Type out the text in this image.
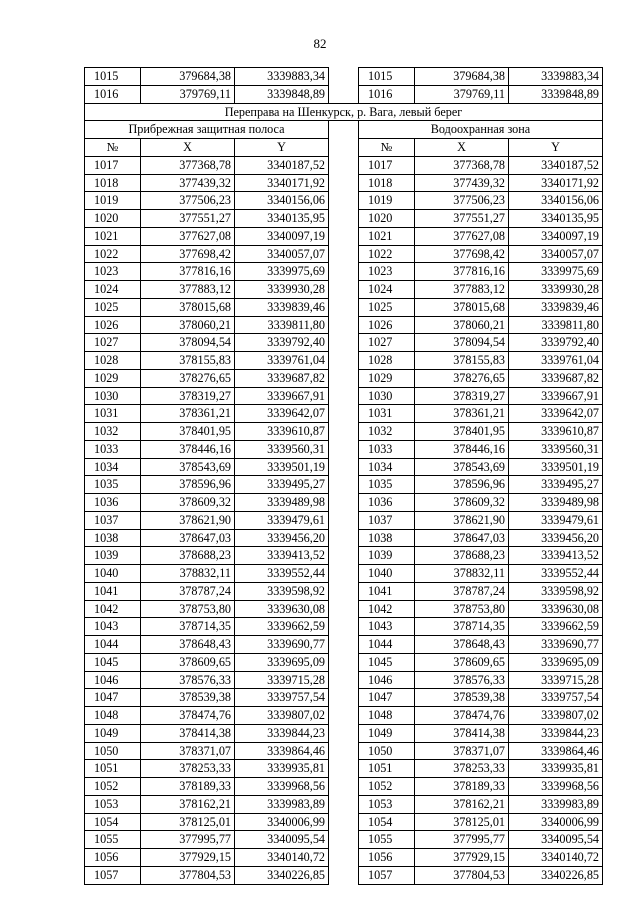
82
1015	379684,38	3339883,34		1015	379684,38	3339883,34
1016	379769,11	3339848,89		1016	379769,11	3339848,89
Переправа на Шенкурск, р. Вага, левый берег						
Прибрежная защитная полоса				Водоохранная зона		
№	X	Y		№	X	Y
1017	377368,78	3340187,52		1017	377368,78	3340187,52
1018	377439,32	3340171,92		1018	377439,32	3340171,92
1019	377506,23	3340156,06		1019	377506,23	3340156,06
1020	377551,27	3340135,95		1020	377551,27	3340135,95
1021	377627,08	3340097,19		1021	377627,08	3340097,19
1022	377698,42	3340057,07		1022	377698,42	3340057,07
1023	377816,16	3339975,69		1023	377816,16	3339975,69
1024	377883,12	3339930,28		1024	377883,12	3339930,28
1025	378015,68	3339839,46		1025	378015,68	3339839,46
1026	378060,21	3339811,80		1026	378060,21	3339811,80
1027	378094,54	3339792,40		1027	378094,54	3339792,40
1028	378155,83	3339761,04		1028	378155,83	3339761,04
1029	378276,65	3339687,82		1029	378276,65	3339687,82
1030	378319,27	3339667,91		1030	378319,27	3339667,91
1031	378361,21	3339642,07		1031	378361,21	3339642,07
1032	378401,95	3339610,87		1032	378401,95	3339610,87
1033	378446,16	3339560,31		1033	378446,16	3339560,31
1034	378543,69	3339501,19		1034	378543,69	3339501,19
1035	378596,96	3339495,27		1035	378596,96	3339495,27
1036	378609,32	3339489,98		1036	378609,32	3339489,98
1037	378621,90	3339479,61		1037	378621,90	3339479,61
1038	378647,03	3339456,20		1038	378647,03	3339456,20
1039	378688,23	3339413,52		1039	378688,23	3339413,52
1040	378832,11	3339552,44		1040	378832,11	3339552,44
1041	378787,24	3339598,92		1041	378787,24	3339598,92
1042	378753,80	3339630,08		1042	378753,80	3339630,08
1043	378714,35	3339662,59		1043	378714,35	3339662,59
1044	378648,43	3339690,77		1044	378648,43	3339690,77
1045	378609,65	3339695,09		1045	378609,65	3339695,09
1046	378576,33	3339715,28		1046	378576,33	3339715,28
1047	378539,38	3339757,54		1047	378539,38	3339757,54
1048	378474,76	3339807,02		1048	378474,76	3339807,02
1049	378414,38	3339844,23		1049	378414,38	3339844,23
1050	378371,07	3339864,46		1050	378371,07	3339864,46
1051	378253,33	3339935,81		1051	378253,33	3339935,81
1052	378189,33	3339968,56		1052	378189,33	3339968,56
1053	378162,21	3339983,89		1053	378162,21	3339983,89
1054	378125,01	3340006,99		1054	378125,01	3340006,99
1055	377995,77	3340095,54		1055	377995,77	3340095,54
1056	377929,15	3340140,72		1056	377929,15	3340140,72
1057	377804,53	3340226,85		1057	377804,53	3340226,85
